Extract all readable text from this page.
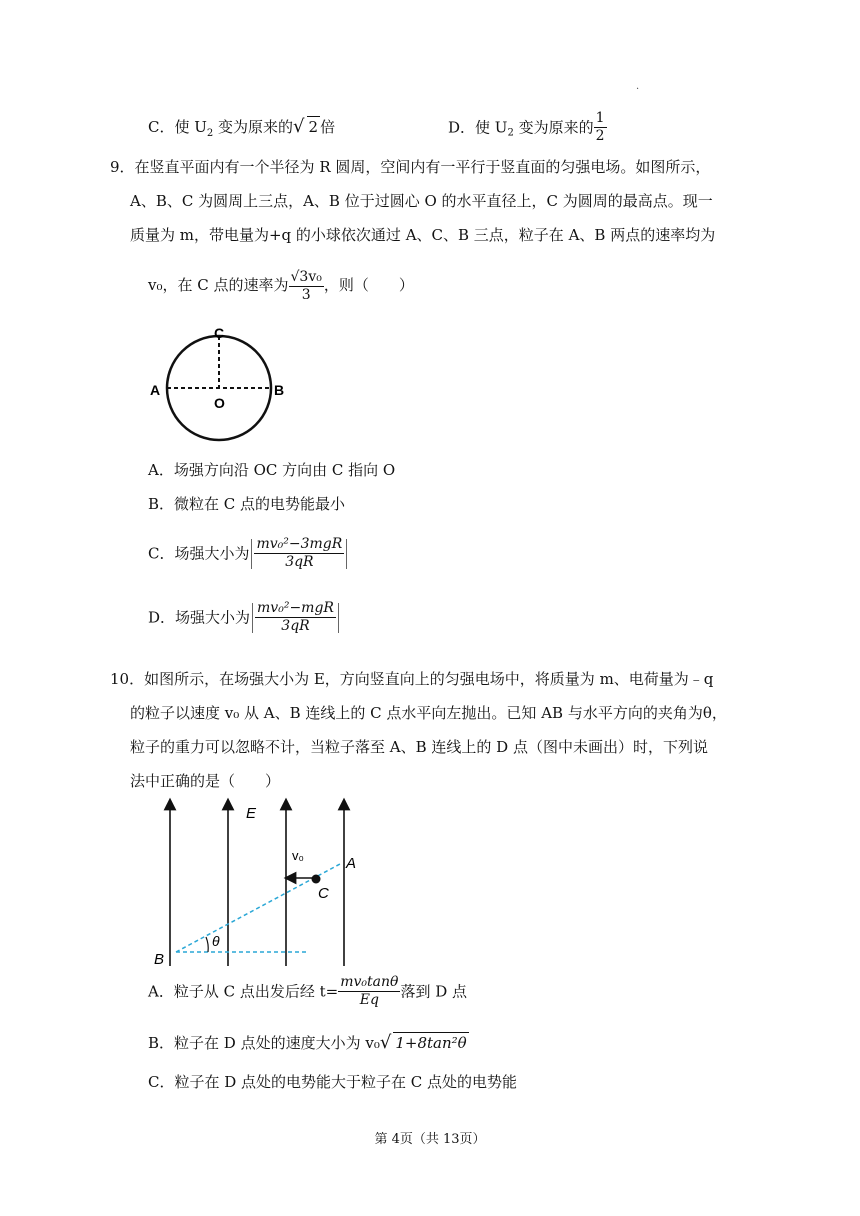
·
C．使 $U_2$ 变为原来的√ 2 倍	D．使 $U_2$ 变为原来的 $\frac{1}{2}$
9．在竖直平面内有一个半径为 R 圆周，空间内有一平行于竖直面的匀强电场。如图所示，
A、B、C 为圆周上三点，A、B 位于过圆心 O 的水平直径上，C 为圆周的最高点。现一
质量为 m，带电量为+q 的小球依次通过 A、C、B 三点，粒子在 A、B 两点的速率均为
v₀，在 C 点的速率为 $\frac{\text{√3v₀}}{3}$ ，则（　　）
A	B
C
O
A．场强方向沿 OC 方向由 C 指向 O
B．微粒在 C 点的电势能最小
C．场强大小为 $\frac{\text{mv₀²−3mgR}}{3qR}$
D．场强大小为 $\frac{\text{mv₀²−mgR}}{3qR}$
10．如图所示，在场强大小为 E，方向竖直向上的匀强电场中，将质量为 m、电荷量为﹣q
的粒子以速度 v₀ 从 A、B 连线上的 C 点水平向左抛出。已知 AB 与水平方向的夹角为θ，
粒子的重力可以忽略不计，当粒子落至 A、B 连线上的 D 点（图中未画出）时，下列说
法中正确的是（　　）
E
v₀	A
C
θ
B
A．粒子从 C 点出发后经 $t= \frac{\text{mv₀tanθ}}{Eq}$ 落到 D 点
B．粒子在 D 点处的速度大小为 v₀√ 1+8tan²θ
C．粒子在 D 点处的电势能大于粒子在 C 点处的电势能
第 4页（共 13页）
